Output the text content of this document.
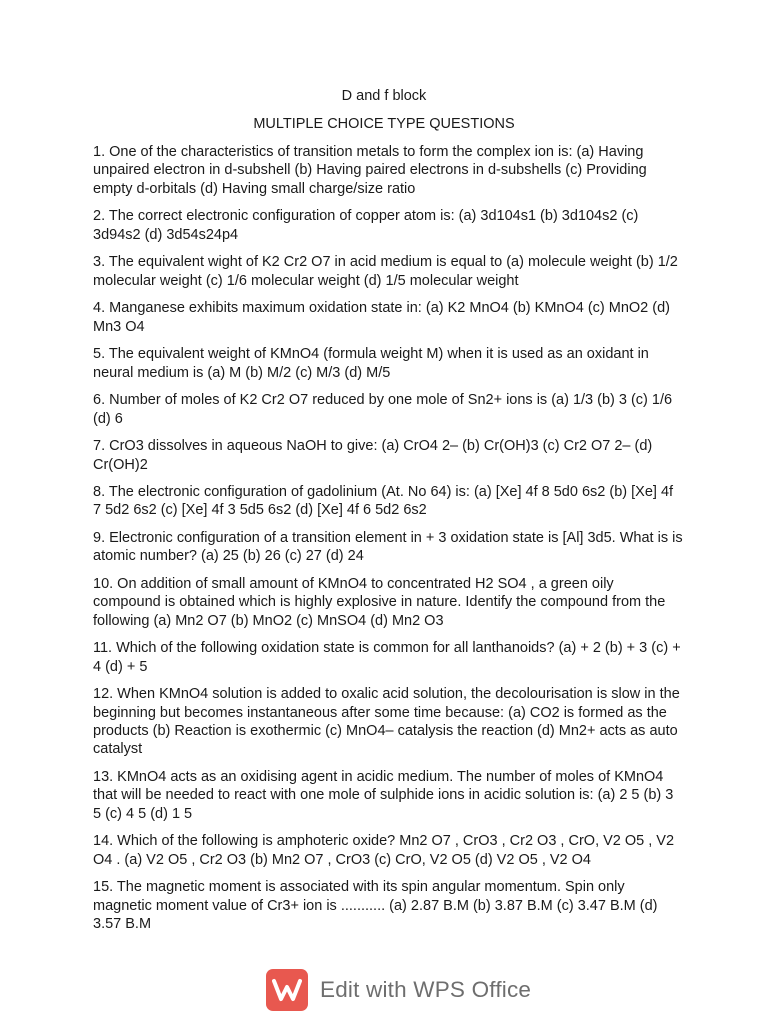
D and f block
MULTIPLE CHOICE TYPE QUESTIONS

1. One of the characteristics of transition metals to form the complex ion is: (a) Having unpaired electron in d-subshell (b) Having paired electrons in d-subshells (c) Providing empty d-orbitals (d) Having small charge/size ratio

2. The correct electronic configuration of copper atom is: (a) 3d104s1 (b) 3d104s2 (c) 3d94s2 (d) 3d54s24p4

3. The equivalent wight of K2 Cr2 O7 in acid medium is equal to (a) molecule weight (b) 1/2 molecular weight (c) 1/6 molecular weight (d) 1/5 molecular weight

4. Manganese exhibits maximum oxidation state in: (a) K2 MnO4 (b) KMnO4 (c) MnO2 (d) Mn3 O4

5. The equivalent weight of KMnO4 (formula weight M) when it is used as an oxidant in neural medium is (a) M (b) M/2 (c) M/3 (d) M/5

6. Number of moles of K2 Cr2 O7 reduced by one mole of Sn2+ ions is (a) 1/3 (b) 3 (c) 1/6 (d) 6

7. CrO3 dissolves in aqueous NaOH to give: (a) CrO4 2– (b) Cr(OH)3 (c) Cr2 O7 2– (d) Cr(OH)2

8. The electronic configuration of gadolinium (At. No 64) is: (a) [Xe] 4f 8 5d0 6s2 (b) [Xe] 4f 7 5d2 6s2 (c) [Xe] 4f 3 5d5 6s2 (d) [Xe] 4f 6 5d2 6s2

9. Electronic configuration of a transition element in + 3 oxidation state is [Al] 3d5. What is is atomic number? (a) 25 (b) 26 (c) 27 (d) 24

10. On addition of small amount of KMnO4 to concentrated H2 SO4 , a green oily compound is obtained which is highly explosive in nature. Identify the compound from the following (a) Mn2 O7 (b) MnO2 (c) MnSO4 (d) Mn2 O3

11. Which of the following oxidation state is common for all lanthanoids? (a) + 2 (b) + 3 (c) + 4 (d) + 5

12. When KMnO4 solution is added to oxalic acid solution, the decolourisation is slow in the beginning but becomes instantaneous after some time because: (a) CO2 is formed as the products (b) Reaction is exothermic (c) MnO4– catalysis the reaction (d) Mn2+ acts as auto catalyst

13. KMnO4 acts as an oxidising agent in acidic medium. The number of moles of KMnO4 that will be needed to react with one mole of sulphide ions in acidic solution is: (a) 2 5 (b) 3 5 (c) 4 5 (d) 1 5

14. Which of the following is amphoteric oxide? Mn2 O7 , CrO3 , Cr2 O3 , CrO, V2 O5 , V2 O4 . (a) V2 O5 , Cr2 O3 (b) Mn2 O7 , CrO3 (c) CrO, V2 O5 (d) V2 O5 , V2 O4

15. The magnetic moment is associated with its spin angular momentum. Spin only magnetic moment value of Cr3+ ion is ........... (a) 2.87 B.M (b) 3.87 B.M (c) 3.47 B.M (d) 3.57 B.M

Edit with WPS Office
